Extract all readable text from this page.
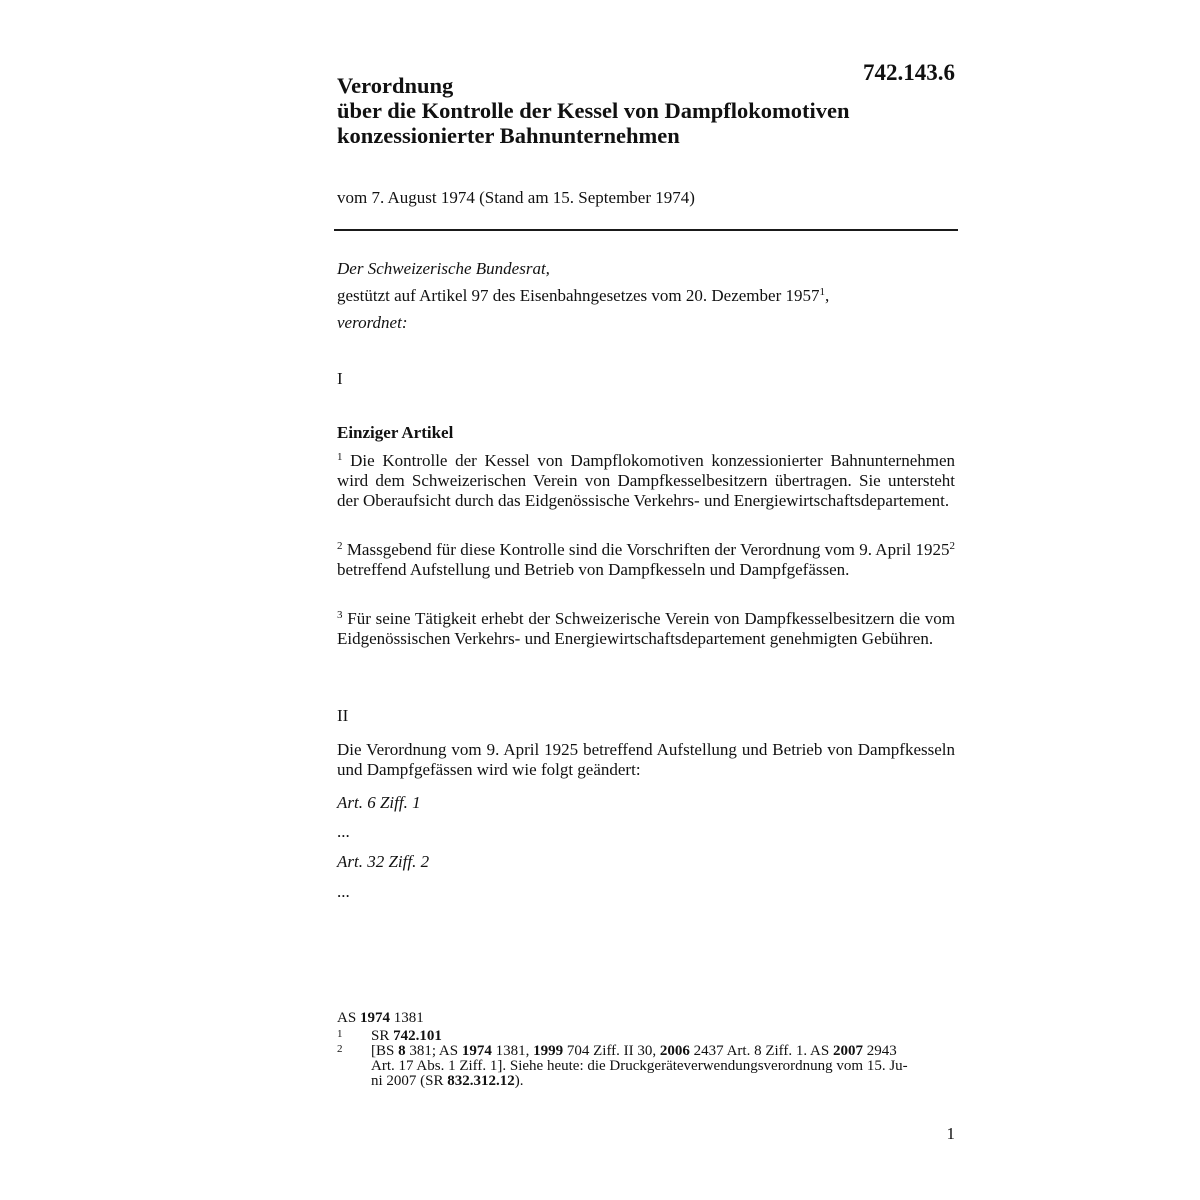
742.143.6
Verordnung
über die Kontrolle der Kessel von Dampflokomotiven
konzessionierter Bahnunternehmen
vom 7. August 1974 (Stand am 15. September 1974)
Der Schweizerische Bundesrat,
gestützt auf Artikel 97 des Eisenbahngesetzes vom 20. Dezember 1957$^1$,
verordnet:
I
Einziger Artikel
$^1$ Die Kontrolle der Kessel von Dampflokomotiven konzessionierter Bahnunternehmen wird dem Schweizerischen Verein von Dampfkesselbesitzern übertragen. Sie untersteht der Oberaufsicht durch das Eidgenössische Verkehrs- und Energiewirtschaftsdepartement.
$^2$ Massgebend für diese Kontrolle sind die Vorschriften der Verordnung vom 9. April 1925$^2$ betreffend Aufstellung und Betrieb von Dampfkesseln und Dampfgefässen.
$^3$ Für seine Tätigkeit erhebt der Schweizerische Verein von Dampfkesselbesitzern die vom Eidgenössischen Verkehrs- und Energiewirtschaftsdepartement genehmigten Gebühren.
II
Die Verordnung vom 9. April 1925 betreffend Aufstellung und Betrieb von Dampfkesseln und Dampfgefässen wird wie folgt geändert:
Art. 6 Ziff. 1
...
Art. 32 Ziff. 2
...
AS 1974 1381
1 SR 742.101
2 [BS 8 381; AS 1974 1381, 1999 704 Ziff. II 30, 2006 2437 Art. 8 Ziff. 1. AS 2007 2943
Art. 17 Abs. 1 Ziff. 1]. Siehe heute: die Druckgeräteverwendungsverordnung vom 15. Ju-
ni 2007 (SR 832.312.12).
1
